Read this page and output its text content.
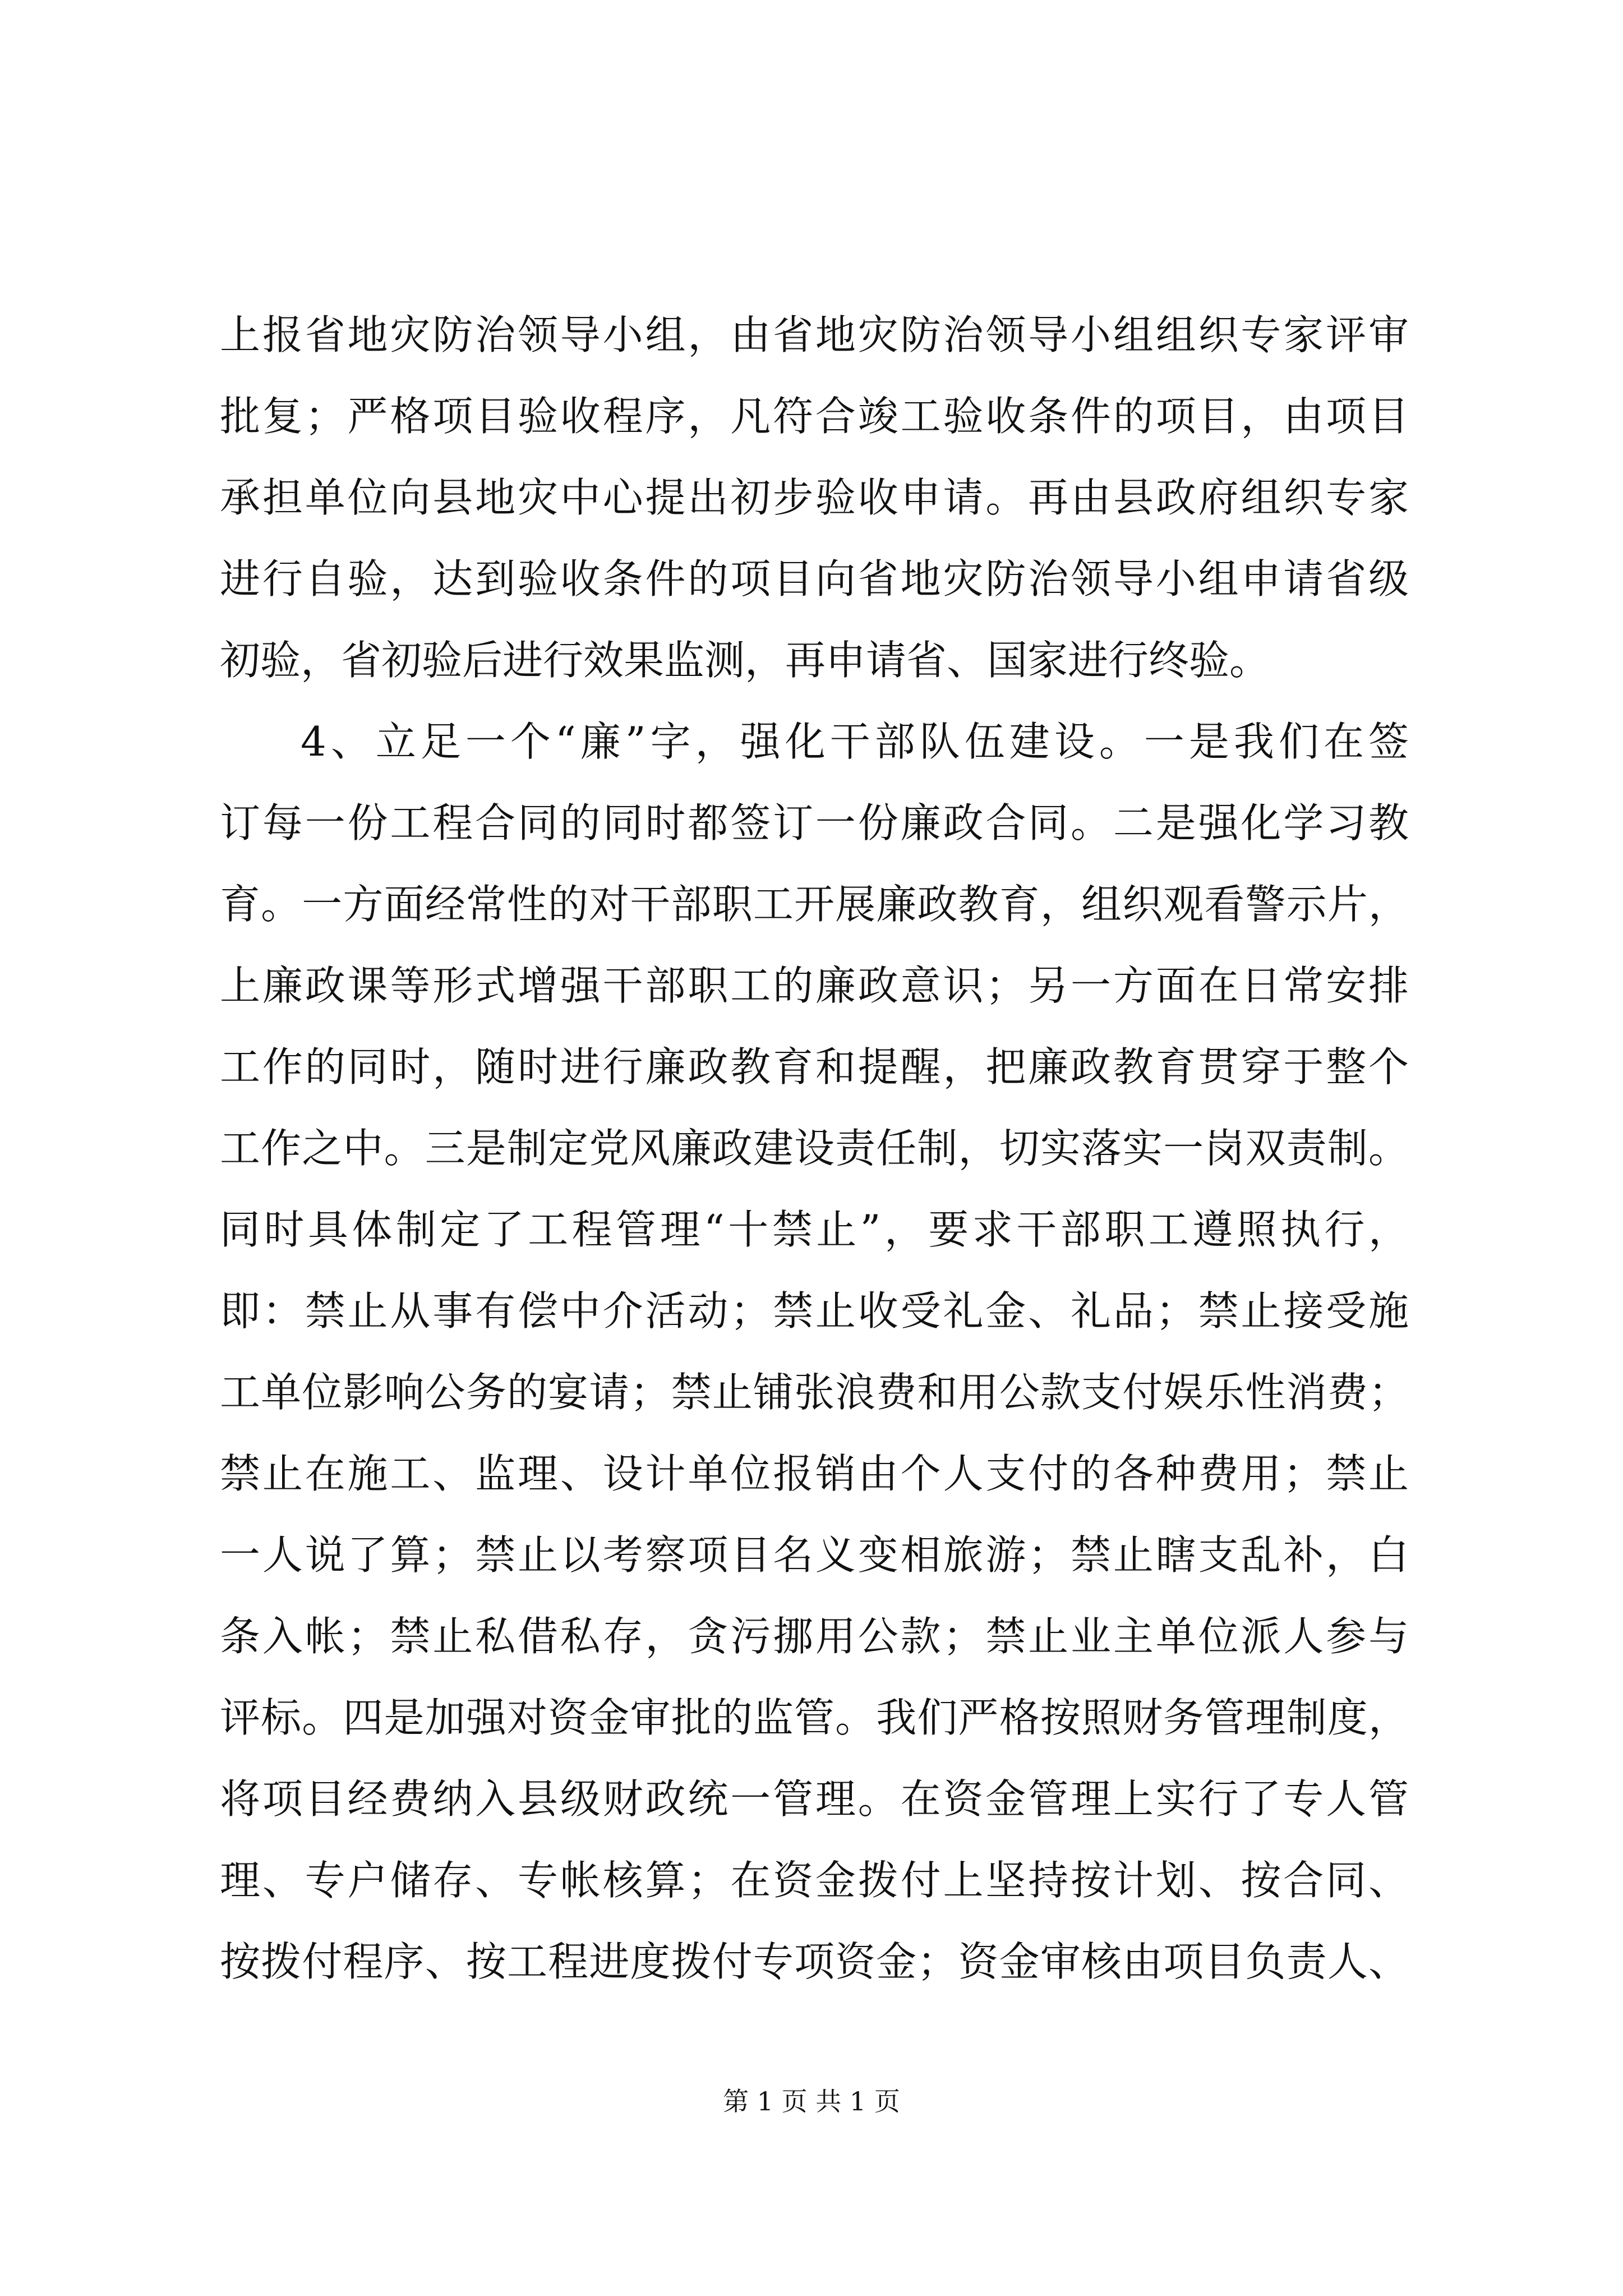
上报省地灾防治领导小组，由省地灾防治领导小组组织专家评审
批复；严格项目验收程序，凡符合竣工验收条件的项目，由项目
承担单位向县地灾中心提出初步验收申请。再由县政府组织专家
进行自验，达到验收条件的项目向省地灾防治领导小组申请省级
初验，省初验后进行效果监测，再申请省、国家进行终验。
4、立足一个“廉”字，强化干部队伍建设。一是我们在签
订每一份工程合同的同时都签订一份廉政合同。二是强化学习教
育。一方面经常性的对干部职工开展廉政教育，组织观看警示片，
上廉政课等形式增强干部职工的廉政意识；另一方面在日常安排
工作的同时，随时进行廉政教育和提醒，把廉政教育贯穿于整个
工作之中。三是制定党风廉政建设责任制，切实落实一岗双责制。
同时具体制定了工程管理“十禁止”，要求干部职工遵照执行，
即：禁止从事有偿中介活动；禁止收受礼金、礼品；禁止接受施
工单位影响公务的宴请；禁止铺张浪费和用公款支付娱乐性消费；
禁止在施工、监理、设计单位报销由个人支付的各种费用；禁止
一人说了算；禁止以考察项目名义变相旅游；禁止瞎支乱补，白
条入帐；禁止私借私存，贪污挪用公款；禁止业主单位派人参与
评标。四是加强对资金审批的监管。我们严格按照财务管理制度，
将项目经费纳入县级财政统一管理。在资金管理上实行了专人管
理、专户储存、专帐核算；在资金拨付上坚持按计划、按合同、
按拨付程序、按工程进度拨付专项资金；资金审核由项目负责人、
第 1 页 共 1 页
